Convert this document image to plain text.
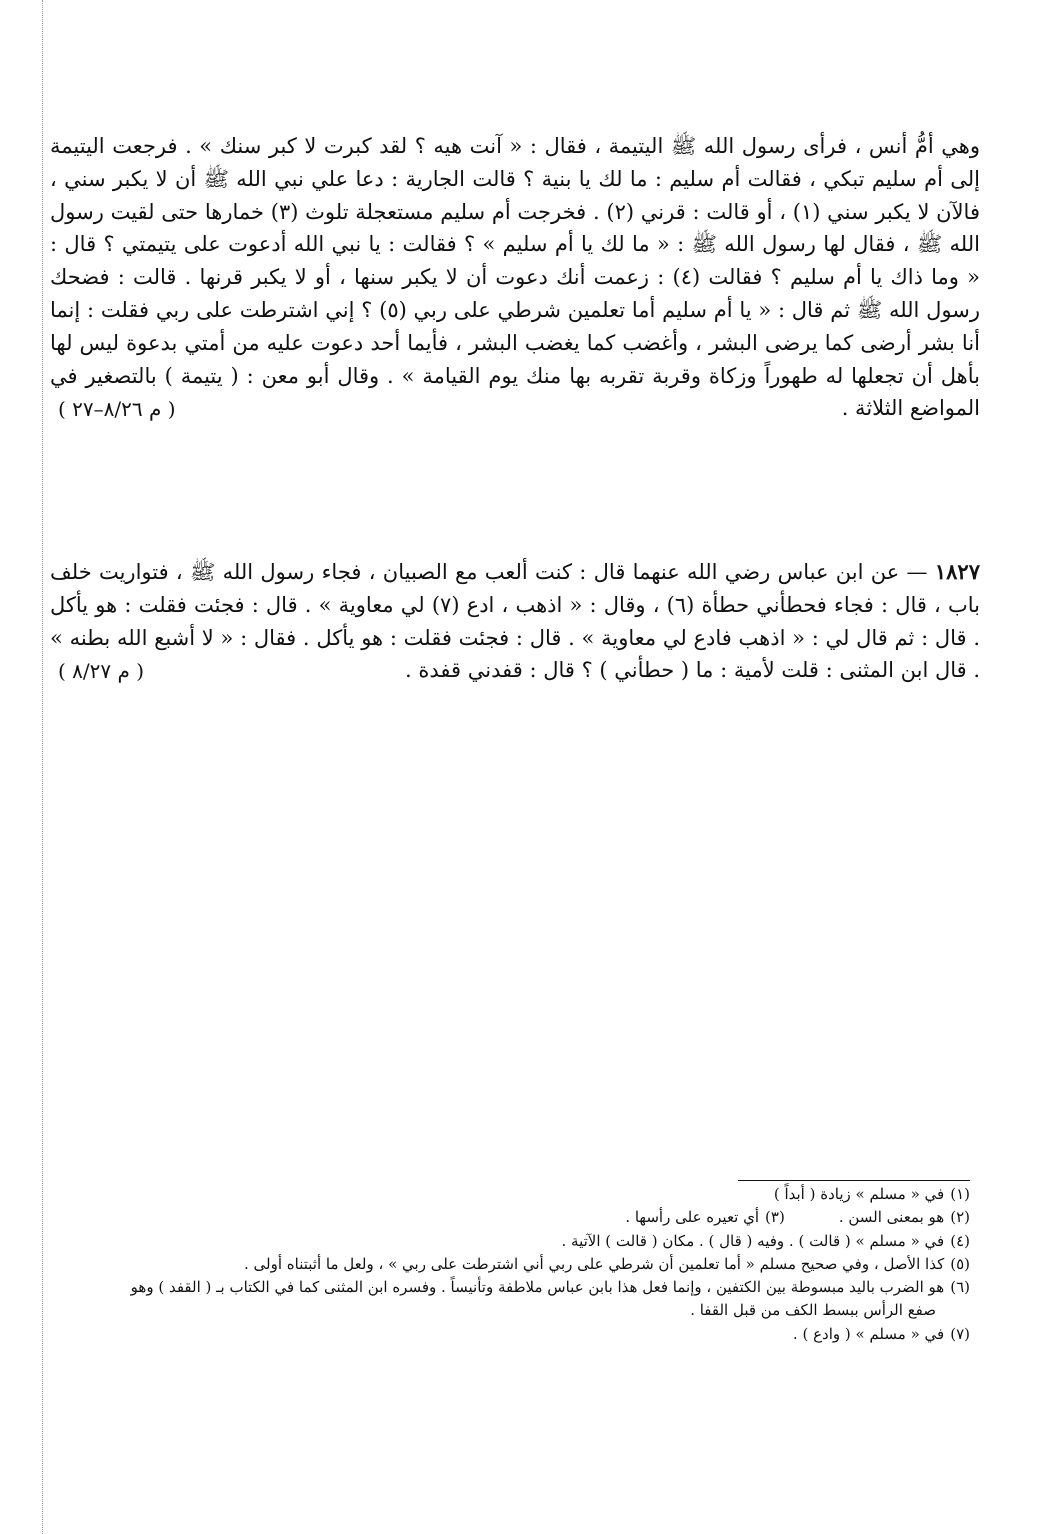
وهي أمُّ أنس ، فرأى رسول الله ﷺ اليتيمة ، فقال : « آنت هيه ؟ لقد كبرت لا كبر سنك » . فرجعت اليتيمة إلى أم سليم تبكي ، فقالت أم سليم : ما لك يا بنية ؟ قالت الجارية : دعا علي نبي الله ﷺ أن لا يكبر سني ، فالآن لا يكبر سني (١) ، أو قالت : قرني (٢) . فخرجت أم سليم مستعجلة تلوث (٣) خمارها حتى لقيت رسول الله ﷺ ، فقال لها رسول الله ﷺ : « ما لك يا أم سليم » ؟ فقالت : يا نبي الله أدعوت على يتيمتي ؟ قال : « وما ذاك يا أم سليم ؟ فقالت (٤) : زعمت أنك دعوت أن لا يكبر سنها ، أو لا يكبر قرنها . قالت : فضحك رسول الله ﷺ ثم قال : « يا أم سليم أما تعلمين شرطي على ربي (٥) ؟ إني اشترطت على ربي فقلت : إنما أنا بشر أرضى كما يرضى البشر ، وأغضب كما يغضب البشر ، فأيما أحد دعوت عليه من أمتي بدعوة ليس لها بأهل أن تجعلها له طهوراً وزكاة وقربة تقربه بها منك يوم القيامة » . وقال أبو معن : ( يتيمة ) بالتصغير في المواضع الثلاثة .

( م ٨/٢٦–٢٧ )

١٨٢٧ — عن ابن عباس رضي الله عنهما قال : كنت ألعب مع الصبيان ، فجاء رسول الله ﷺ ، فتواريت خلف باب ، قال : فجاء فحطأني حطأة (٦) ، وقال : « اذهب ، ادع (٧) لي معاوية » . قال : فجئت فقلت : هو يأكل . قال : ثم قال لي : « اذهب فادع لي معاوية » . قال : فجئت فقلت : هو يأكل . فقال : « لا أشبع الله بطنه » . قال ابن المثنى : قلت لأمية : ما ( حطأني ) ؟ قال : قفدني قفدة .

( م ٨/٢٧ )

(١)في « مسلم » زيادة ( أبداً )

(٢)هو بمعنى السن .(٣)أي تعيره على رأسها .

(٤)في « مسلم » ( قالت ) . وفيه ( قال ) . مكان ( قالت ) الآتية .

(٥)كذا الأصل ، وفي صحيح مسلم « أما تعلمين أن شرطي على ربي أني اشترطت على ربي » ، ولعل ما أثبتناه أولى .

(٦)هو الضرب باليد مبسوطة بين الكتفين ، وإنما فعل هذا بابن عباس ملاطفة وتأنيساً . وفسره ابن المثنى كما في الكتاب بـ ( القفد ) وهو

صفع الرأس ببسط الكف من قبل القفا .

(٧)في « مسلم » ( وادع ) .
